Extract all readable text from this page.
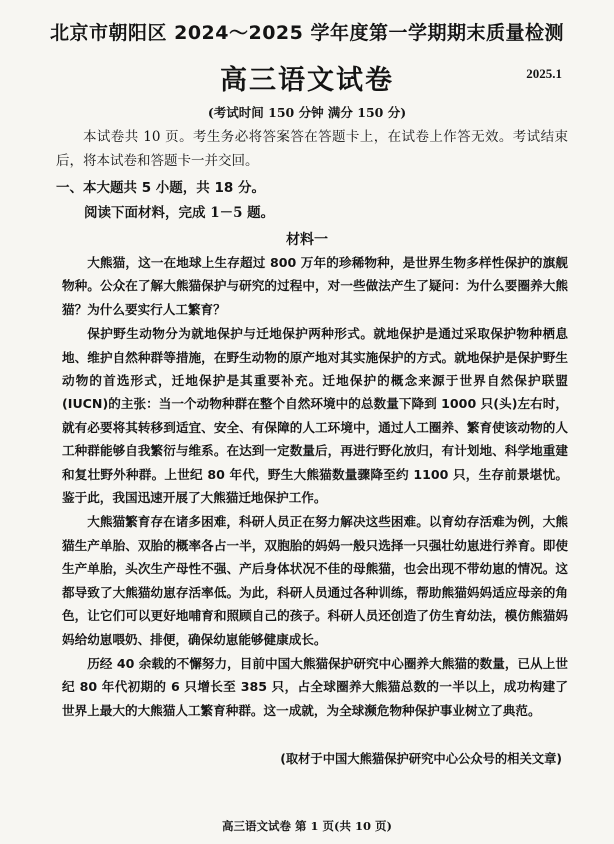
北京市朝阳区 2024～2025 学年度第一学期期末质量检测
高三语文试卷	2025.1
(考试时间 150 分钟 满分 150 分)
本试卷共 10 页。考生务必将答案答在答题卡上，在试卷上作答无效。考试结束后，将本试卷和答题卡一并交回。
一、本大题共 5 小题，共 18 分。
阅读下面材料，完成 1－5 题。
材料一

大熊猫，这一在地球上生存超过 800 万年的珍稀物种，是世界生物多样性保护的旗舰物种。公众在了解大熊猫保护与研究的过程中，对一些做法产生了疑问：为什么要圈养大熊猫？为什么要实行人工繁育？

保护野生动物分为就地保护与迁地保护两种形式。就地保护是通过采取保护物种栖息地、维护自然种群等措施，在野生动物的原产地对其实施保护的方式。就地保护是保护野生动物的首选形式，迁地保护是其重要补充。迁地保护的概念来源于世界自然保护联盟(IUCN)的主张：当一个动物种群在整个自然环境中的总数量下降到 1000 只(头)左右时，就有必要将其转移到适宜、安全、有保障的人工环境中，通过人工圈养、繁育使该动物的人工种群能够自我繁衍与维系。在达到一定数量后，再进行野化放归，有计划地、科学地重建和复壮野外种群。上世纪 80 年代，野生大熊猫数量骤降至约 1100 只，生存前景堪忧。鉴于此，我国迅速开展了大熊猫迁地保护工作。

大熊猫繁育存在诸多困难，科研人员正在努力解决这些困难。以育幼存活难为例，大熊猫生产单胎、双胎的概率各占一半，双胞胎的妈妈一般只选择一只强壮幼崽进行养育。即使生产单胎，头次生产母性不强、产后身体状况不佳的母熊猫，也会出现不带幼崽的情况。这都导致了大熊猫幼崽存活率低。为此，科研人员通过各种训练，帮助熊猫妈妈适应母亲的角色，让它们可以更好地哺育和照顾自己的孩子。科研人员还创造了仿生育幼法，模仿熊猫妈妈给幼崽喂奶、排便，确保幼崽能够健康成长。

历经 40 余载的不懈努力，目前中国大熊猫保护研究中心圈养大熊猫的数量，已从上世纪 80 年代初期的 6 只增长至 385 只，占全球圈养大熊猫总数的一半以上，成功构建了世界上最大的大熊猫人工繁育种群。这一成就，为全球濒危物种保护事业树立了典范。

(取材于中国大熊猫保护研究中心公众号的相关文章)
高三语文试卷 第 1 页(共 10 页)
